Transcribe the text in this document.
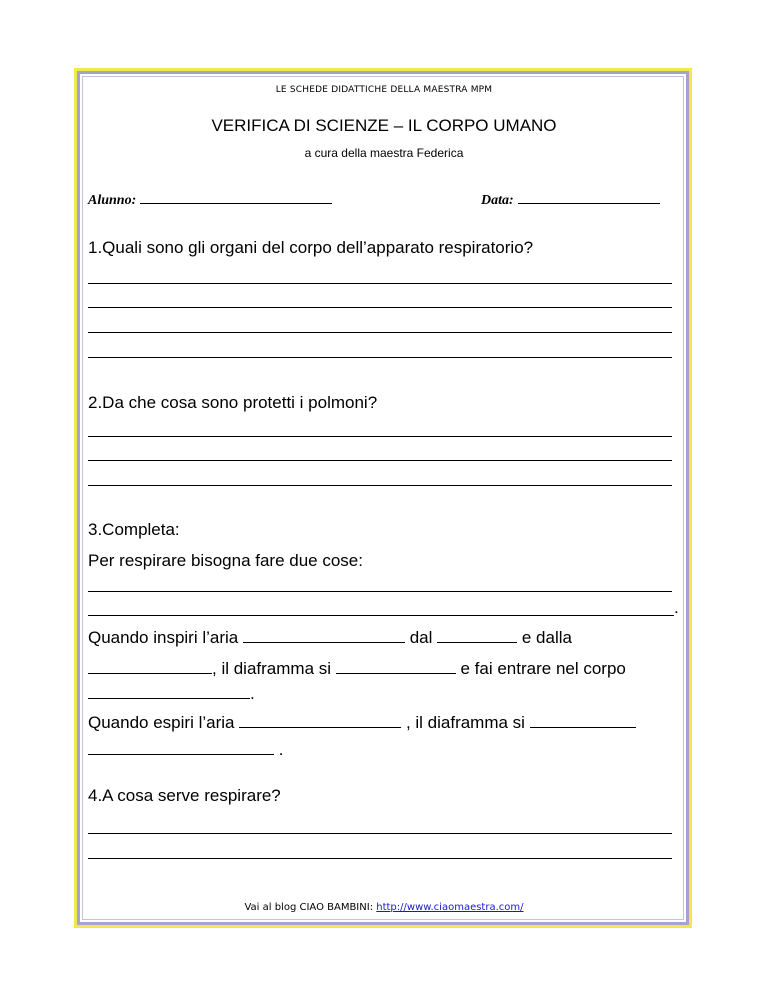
LE SCHEDE DIDATTICHE DELLA MAESTRA MPM
VERIFICA DI SCIENZE – IL CORPO UMANO
a cura della maestra Federica
Alunno:	Data:
1.Quali sono gli organi del corpo dell’apparato respiratorio?
2.Da che cosa sono protetti i polmoni?
3.Completa:
Per respirare bisogna fare due cose:
.
Quando inspiri l’aria	dal	e dalla
, il diaframma si	e fai entrare nel corpo
.
Quando espiri l’aria	, il diaframma si
.
4.A cosa serve respirare?
Vai al blog CIAO BAMBINI: http://www.ciaomaestra.com/
